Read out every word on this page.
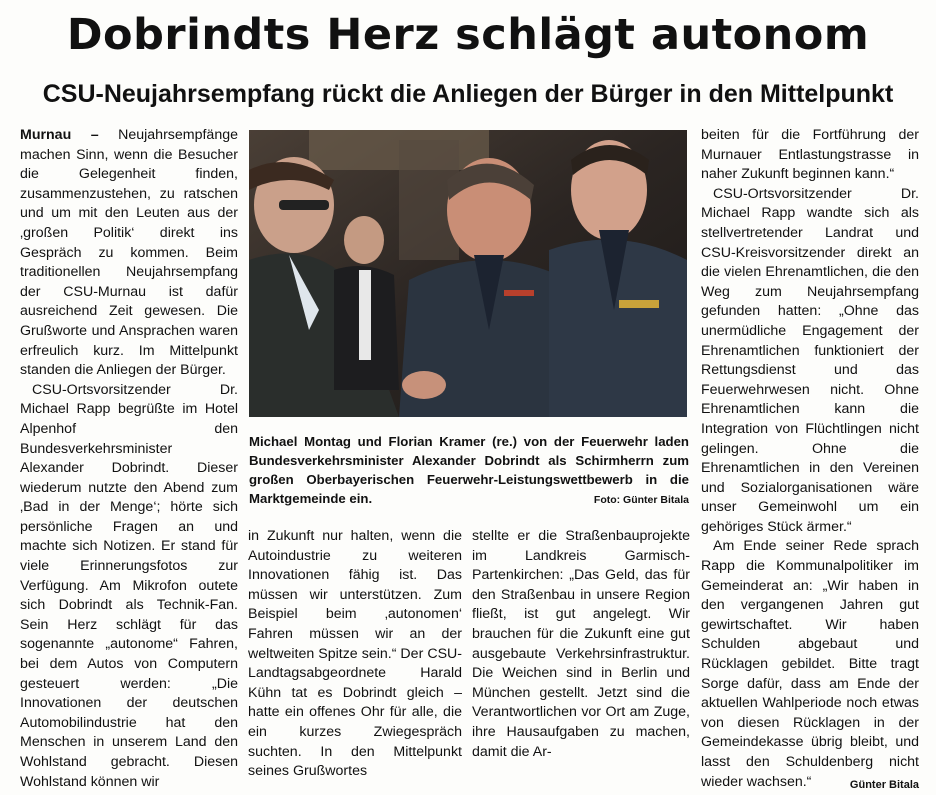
Dobrindts Herz schlägt autonom
CSU-Neujahrsempfang rückt die Anliegen der Bürger in den Mittelpunkt

Murnau – Neujahrsempfänge machen Sinn, wenn die Besucher die Gelegenheit finden, zusammenzustehen, zu ratschen und um mit den Leuten aus der ‚großen Politik‘ direkt ins Gespräch zu kommen. Beim traditionellen Neujahrsempfang der CSU-Murnau ist dafür ausreichend Zeit gewesen. Die Grußworte und Ansprachen waren erfreulich kurz. Im Mittelpunkt standen die Anliegen der Bürger.

CSU-Ortsvorsitzender Dr. Michael Rapp begrüßte im Hotel Alpenhof den Bundesverkehrsminister Alexander Dobrindt. Dieser wiederum nutzte den Abend zum ‚Bad in der Menge‘; hörte sich persönliche Fragen an und machte sich Notizen. Er stand für viele Erinnerungsfotos zur Verfügung. Am Mikrofon outete sich Dobrindt als Technik-Fan. Sein Herz schlägt für das sogenannte „autonome“ Fahren, bei dem Autos von Computern gesteuert werden: „Die Innovationen der deutschen Automobilindustrie hat den Menschen in unserem Land den Wohlstand gebracht. Diesen Wohlstand können wir

Michael Montag und Florian Kramer (re.) von der Feuerwehr laden Bundesverkehrsminister Alexander Dobrindt als Schirmherrn zum großen Oberbayerischen Feuerwehr-Leistungswettbewerb in die Marktgemeinde ein.	Foto: Günter Bitala

in Zukunft nur halten, wenn die Autoindustrie zu weiteren Innovationen fähig ist. Das müssen wir unterstützen. Zum Beispiel beim ‚autonomen‘ Fahren müssen wir an der weltweiten Spitze sein.“ Der CSU-Landtagsabgeordnete Harald Kühn tat es Dobrindt gleich – hatte ein offenes Ohr für alle, die ein kurzes Zwiegespräch suchten. In den Mittelpunkt seines Grußwortes

stellte er die Straßenbauprojekte im Landkreis Garmisch-Partenkirchen: „Das Geld, das für den Straßenbau in unsere Region fließt, ist gut angelegt. Wir brauchen für die Zukunft eine gut ausgebaute Verkehrsinfrastruktur. Die Weichen sind in Berlin und München gestellt. Jetzt sind die Verantwortlichen vor Ort am Zuge, ihre Hausaufgaben zu machen, damit die Ar-

beiten für die Fortführung der Murnauer Entlastungstrasse in naher Zukunft beginnen kann.“

CSU-Ortsvorsitzender Dr. Michael Rapp wandte sich als stellvertretender Landrat und CSU-Kreisvorsitzender direkt an die vielen Ehrenamtlichen, die den Weg zum Neujahrsempfang gefunden hatten: „Ohne das unermüdliche Engagement der Ehrenamtlichen funktioniert der Rettungsdienst und das Feuerwehrwesen nicht. Ohne Ehrenamtlichen kann die Integration von Flüchtlingen nicht gelingen. Ohne die Ehrenamtlichen in den Vereinen und Sozialorganisationen wäre unser Gemeinwohl um ein gehöriges Stück ärmer.“

Am Ende seiner Rede sprach Rapp die Kommunalpolitiker im Gemeinderat an: „Wir haben in den vergangenen Jahren gut gewirtschaftet. Wir haben Schulden abgebaut und Rücklagen gebildet. Bitte tragt Sorge dafür, dass am Ende der aktuellen Wahlperiode noch etwas von diesen Rücklagen in der Gemeindekasse übrig bleibt, und lasst den Schuldenberg nicht wieder wachsen.“	Günter Bitala
